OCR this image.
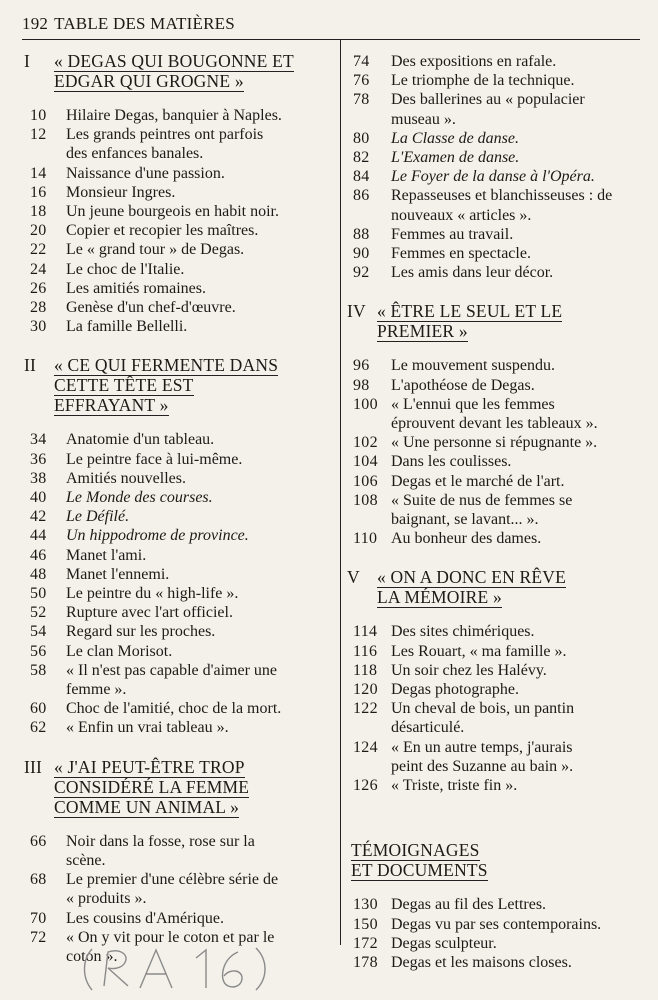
192 TABLE DES MATIÈRES
I	« DEGAS QUI BOUGONNE ET
EDGAR QUI GROGNE »
10	Hilaire Degas, banquier à Naples.
12	Les grands peintres ont parfois
des enfances banales.
14	Naissance d'une passion.
16	Monsieur Ingres.
18	Un jeune bourgeois en habit noir.
20	Copier et recopier les maîtres.
22	Le « grand tour » de Degas.
24	Le choc de l'Italie.
26	Les amitiés romaines.
28	Genèse d'un chef-d'œuvre.
30	La famille Bellelli.
II	« CE QUI FERMENTE DANS
CETTE TÊTE EST
EFFRAYANT »
34	Anatomie d'un tableau.
36	Le peintre face à lui-même.
38	Amitiés nouvelles.
40	Le Monde des courses.
42	Le Défilé.
44	Un hippodrome de province.
46	Manet l'ami.
48	Manet l'ennemi.
50	Le peintre du « high-life ».
52	Rupture avec l'art officiel.
54	Regard sur les proches.
56	Le clan Morisot.
58	« Il n'est pas capable d'aimer une
femme ».
60	Choc de l'amitié, choc de la mort.
62	« Enfin un vrai tableau ».
III « J'AI PEUT-ÊTRE TROP
CONSIDÉRÉ LA FEMME
COMME UN ANIMAL »
66	Noir dans la fosse, rose sur la
scène.
68	Le premier d'une célèbre série de
« produits ».
70	Les cousins d'Amérique.
72	« On y vit pour le coton et par le
coton ».
74	Des expositions en rafale.
76	Le triomphe de la technique.
78	Des ballerines au « populacier
museau ».
80	La Classe de danse.
82	L'Examen de danse.
84	Le Foyer de la danse à l'Opéra.
86	Repasseuses et blanchisseuses : de
nouveaux « articles ».
88	Femmes au travail.
90	Femmes en spectacle.
92	Les amis dans leur décor.
IV « ÊTRE LE SEUL ET LE
PREMIER »
96	Le mouvement suspendu.
98	L'apothéose de Degas.
100 « L'ennui que les femmes
éprouvent devant les tableaux ».
102 « Une personne si répugnante ».
104 Dans les coulisses.
106 Degas et le marché de l'art.
108 « Suite de nus de femmes se
baignant, se lavant... ».
110 Au bonheur des dames.
V « ON A DONC EN RÊVE
LA MÉMOIRE »
114 Des sites chimériques.
116 Les Rouart, « ma famille ».
118 Un soir chez les Halévy.
120 Degas photographe.
122 Un cheval de bois, un pantin
désarticulé.
124 « En un autre temps, j'aurais
peint des Suzanne au bain ».
126 « Triste, triste fin ».
TÉMOIGNAGES
ET DOCUMENTS
130 Degas au fil des Lettres.
150 Degas vu par ses contemporains.
172 Degas sculpteur.
178 Degas et les maisons closes.
